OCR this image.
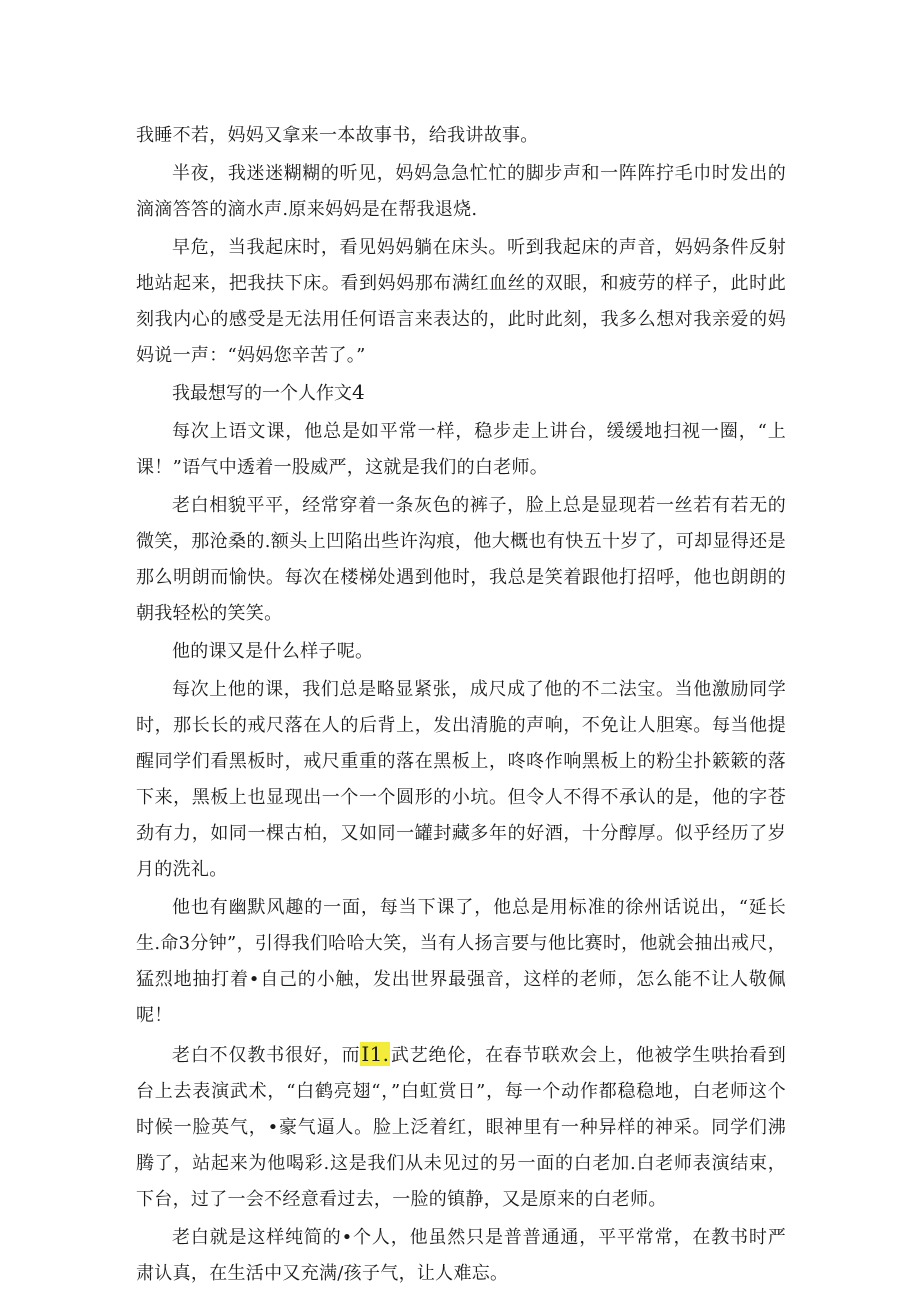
我睡不若，妈妈又拿来一本故事书，给我讲故事。

半夜，我迷迷糊糊的听见，妈妈急急忙忙的脚步声和一阵阵拧毛巾时发出的滴滴答答的滴水声.原来妈妈是在帮我退烧.

早危，当我起床时，看见妈妈躺在床头。听到我起床的声音，妈妈条件反射地站起来，把我扶下床。看到妈妈那布满红血丝的双眼，和疲劳的样子，此时此刻我内心的感受是无法用任何语言来表达的，此时此刻，我多么想对我亲爱的妈妈说一声：“妈妈您辛苦了。”

我最想写的一个人作文4

每次上语文课，他总是如平常一样，稳步走上讲台，缓缓地扫视一圈，“上课！”语气中透着一股威严，这就是我们的白老师。

老白相貌平平，经常穿着一条灰色的裤子，脸上总是显现若一丝若有若无的微笑，那沧桑的.额头上凹陷出些许沟痕，他大概也有快五十岁了，可却显得还是那么明朗而愉快。每次在楼梯处遇到他时，我总是笑着跟他打招呼，他也朗朗的朝我轻松的笑笑。

他的课又是什么样子呢。

每次上他的课，我们总是略显紧张，成尺成了他的不二法宝。当他激励同学时，那长长的戒尺落在人的后背上，发出清脆的声响，不免让人胆寒。每当他提醒同学们看黑板时，戒尺重重的落在黑板上，咚咚作响黑板上的粉尘扑簌簌的落下来，黑板上也显现出一个一个圆形的小坑。但令人不得不承认的是，他的字苍劲有力，如同一棵古柏，又如同一罐封藏多年的好酒，十分醇厚。似乎经历了岁月的洗礼。

他也有幽默风趣的一面，每当下课了，他总是用标准的徐州话说出，“延长生.命3分钟”，引得我们哈哈大笑，当有人扬言要与他比赛时，他就会抽出戒尺，猛烈地抽打着•自己的小触，发出世界最强音，这样的老师，怎么能不让人敬佩呢！

老白不仅教书很好，而I1.武艺绝伦，在春节联欢会上，他被学生哄抬看到台上去表演武术，“白鹤亮翅“，”白虹赏日”，每一个动作都稳稳地，白老师这个时候一脸英气，•豪气逼人。脸上泛着红，眼神里有一种异样的神采。同学们沸腾了，站起来为他喝彩.这是我们从未见过的另一面的白老加.白老师表演结束，下台，过了一会不经意看过去，一脸的镇静，又是原来的白老师。

老白就是这样纯简的•个人，他虽然只是普普通通，平平常常，在教书时严肃认真，在生活中又充满/孩子气，让人难忘。
